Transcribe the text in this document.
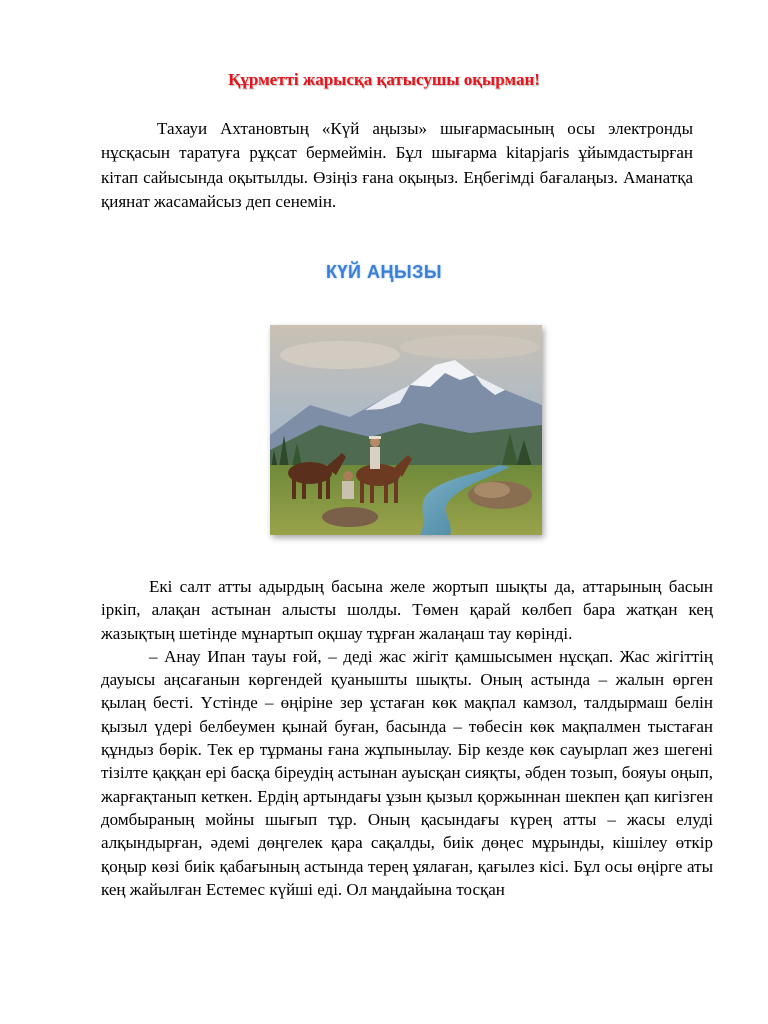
Құрметті жарысқа қатысушы оқырман!

Тахауи Ахтановтың «Күй аңызы» шығармасының осы электронды нұсқасын таратуға рұқсат бермеймін. Бұл шығарма kitapjaris ұйымдастырған кітап сайысында оқытылды. Өзіңіз ғана оқыңыз. Еңбегімді бағалаңыз. Аманатқа қиянат жасамайсыз деп сенемін.

КҮЙ АҢЫЗЫ

Екі салт атты адырдың басына желе жортып шықты да, аттарының басын іркіп, алақан астынан алысты шолды. Төмен қарай көлбеп бара жатқан кең жазықтың шетінде мұнартып оқшау тұрған жалаңаш тау көрінді.

– Анау Ипан тауы ғой, – деді жас жігіт қамшысымен нұсқап. Жас жігіттің дауысы аңсағанын көргендей қуанышты шықты. Оның астында – жалын өрген қылаң бесті. Үстінде – өңіріне зер ұстаған көк мақпал камзол, талдырмаш белін қызыл үдері белбеумен қынай буған, басында – төбесін көк мақпалмен тыстаған құндыз бөрік. Тек ер тұрманы ғана жұпынылау. Бір кезде көк сауырлап жез шегені тізілте қаққан ері басқа біреудің астынан ауысқан сияқты, әбден тозып, бояуы оңып, жарғақтанып кеткен. Ердің артындағы ұзын қызыл қоржыннан шекпен қап кигізген домбыраның мойны шығып тұр. Оның қасындағы күрең атты – жасы елуді алқындырған, әдемі дөңгелек қара сақалды, биік дөңес мұрынды, кішілеу өткір қоңыр көзі биік қабағының астында терең ұялаған, қағылез кісі. Бұл осы өңірге аты кең жайылған Естемес күйші еді. Ол маңдайына тосқан
